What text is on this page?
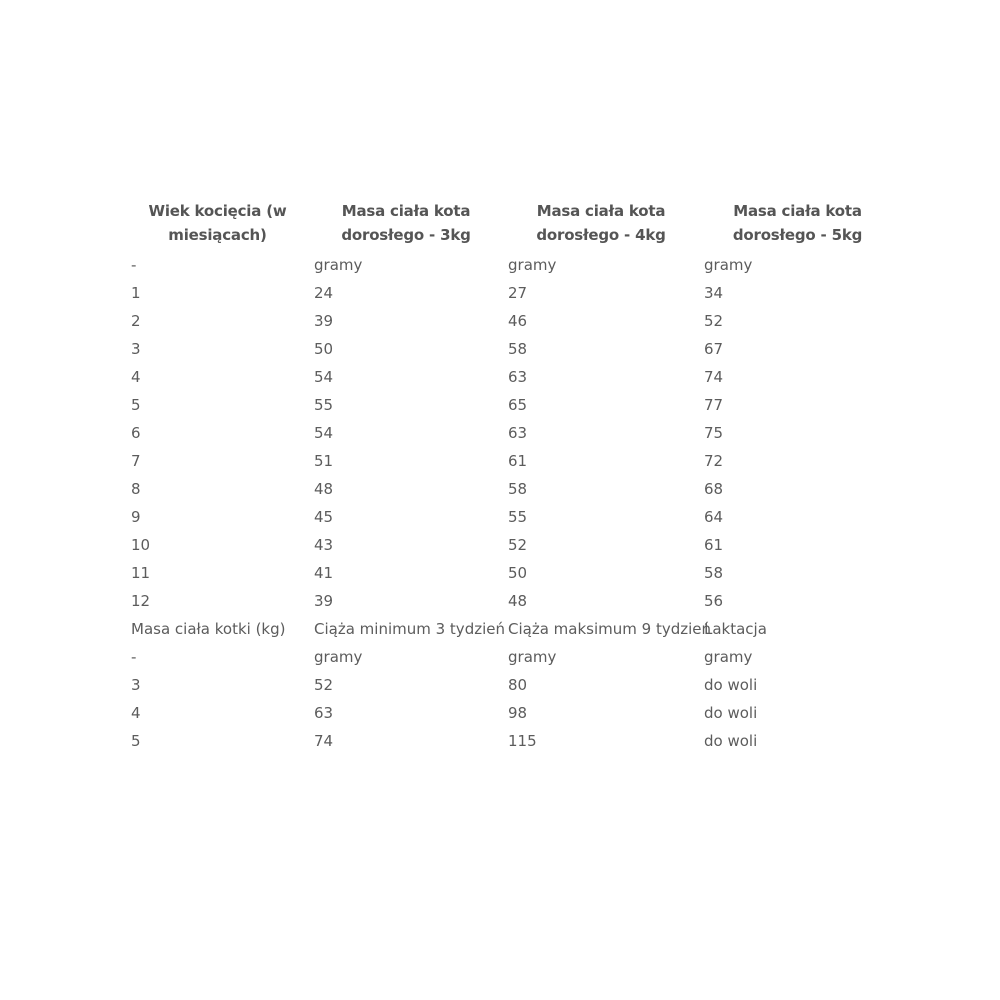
Wiek kocięcia (w miesiącach)	Masa ciała kota dorosłego - 3kg	Masa ciała kota dorosłego - 4kg	Masa ciała kota dorosłego - 5kg
-	gramy	gramy	gramy
1	24	27	34
2	39	46	52
3	50	58	67
4	54	63	74
5	55	65	77
6	54	63	75
7	51	61	72
8	48	58	68
9	45	55	64
10	43	52	61
11	41	50	58
12	39	48	56
Masa ciała kotki (kg)	Ciąża minimum 3 tydzień	Ciąża maksimum 9 tydzień	Laktacja
-	gramy	gramy	gramy
3	52	80	do woli
4	63	98	do woli
5	74	115	do woli
